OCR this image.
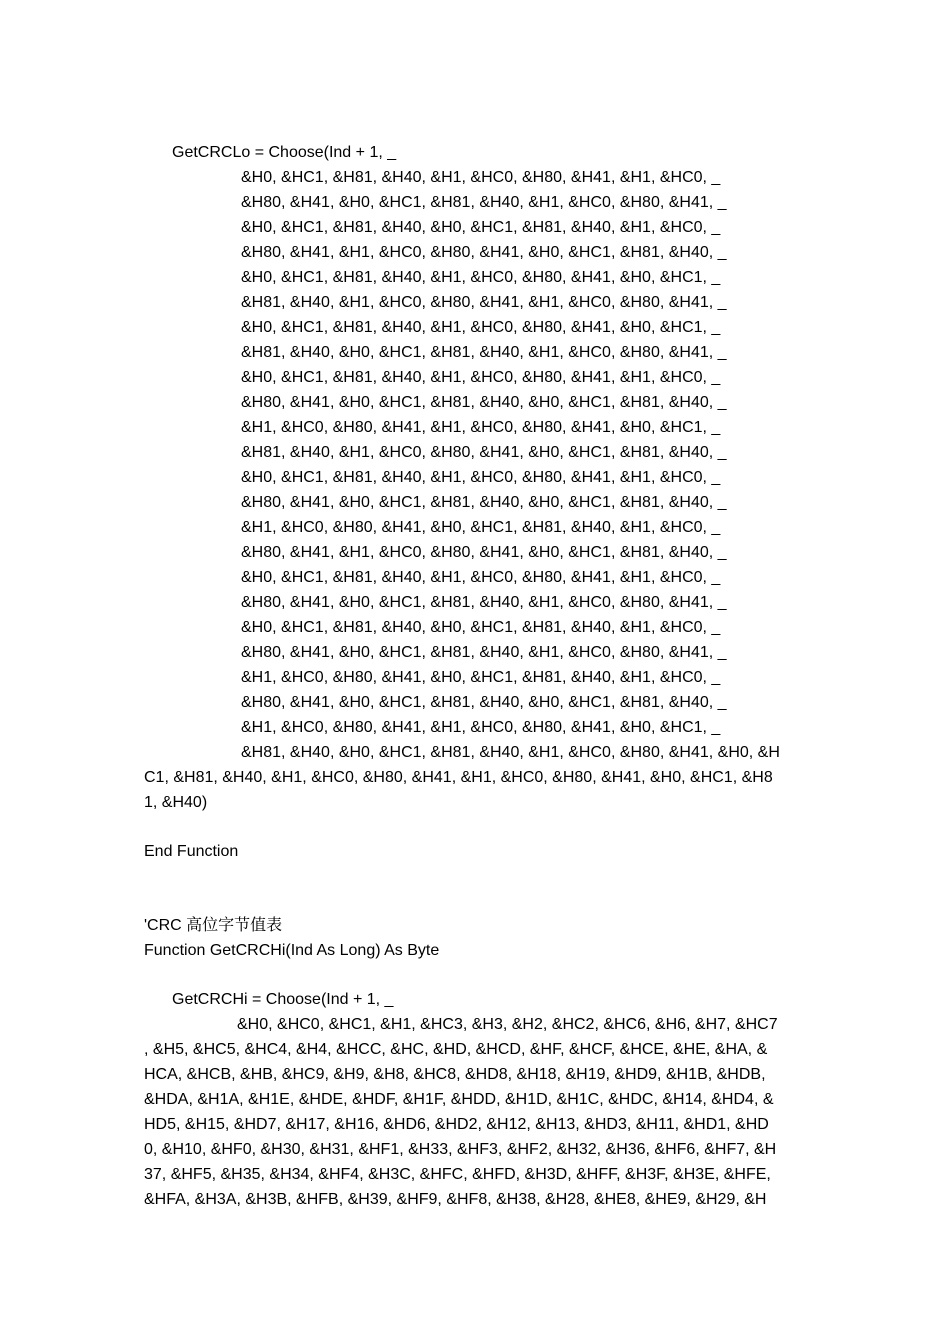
GetCRCLo = Choose(Ind + 1, _
&H0, &HC1, &H81, &H40, &H1, &HC0, &H80, &H41, &H1, &HC0, _
&H80, &H41, &H0, &HC1, &H81, &H40, &H1, &HC0, &H80, &H41, _
&H0, &HC1, &H81, &H40, &H0, &HC1, &H81, &H40, &H1, &HC0, _
&H80, &H41, &H1, &HC0, &H80, &H41, &H0, &HC1, &H81, &H40, _
&H0, &HC1, &H81, &H40, &H1, &HC0, &H80, &H41, &H0, &HC1, _
&H81, &H40, &H1, &HC0, &H80, &H41, &H1, &HC0, &H80, &H41, _
&H0, &HC1, &H81, &H40, &H1, &HC0, &H80, &H41, &H0, &HC1, _
&H81, &H40, &H0, &HC1, &H81, &H40, &H1, &HC0, &H80, &H41, _
&H0, &HC1, &H81, &H40, &H1, &HC0, &H80, &H41, &H1, &HC0, _
&H80, &H41, &H0, &HC1, &H81, &H40, &H0, &HC1, &H81, &H40, _
&H1, &HC0, &H80, &H41, &H1, &HC0, &H80, &H41, &H0, &HC1, _
&H81, &H40, &H1, &HC0, &H80, &H41, &H0, &HC1, &H81, &H40, _
&H0, &HC1, &H81, &H40, &H1, &HC0, &H80, &H41, &H1, &HC0, _
&H80, &H41, &H0, &HC1, &H81, &H40, &H0, &HC1, &H81, &H40, _
&H1, &HC0, &H80, &H41, &H0, &HC1, &H81, &H40, &H1, &HC0, _
&H80, &H41, &H1, &HC0, &H80, &H41, &H0, &HC1, &H81, &H40, _
&H0, &HC1, &H81, &H40, &H1, &HC0, &H80, &H41, &H1, &HC0, _
&H80, &H41, &H0, &HC1, &H81, &H40, &H1, &HC0, &H80, &H41, _
&H0, &HC1, &H81, &H40, &H0, &HC1, &H81, &H40, &H1, &HC0, _
&H80, &H41, &H0, &HC1, &H81, &H40, &H1, &HC0, &H80, &H41, _
&H1, &HC0, &H80, &H41, &H0, &HC1, &H81, &H40, &H1, &HC0, _
&H80, &H41, &H0, &HC1, &H81, &H40, &H0, &HC1, &H81, &H40, _
&H1, &HC0, &H80, &H41, &H1, &HC0, &H80, &H41, &H0, &HC1, _
&H81, &H40, &H0, &HC1, &H81, &H40, &H1, &HC0, &H80, &H41, &H0, &H
C1, &H81, &H40, &H1, &HC0, &H80, &H41, &H1, &HC0, &H80, &H41, &H0, &HC1, &H8
1, &H40)
End Function
'CRC 高位字节值表
Function GetCRCHi(Ind As Long) As Byte
GetCRCHi = Choose(Ind + 1, _
&H0, &HC0, &HC1, &H1, &HC3, &H3, &H2, &HC2, &HC6, &H6, &H7, &HC7
, &H5, &HC5, &HC4, &H4, &HCC, &HC, &HD, &HCD, &HF, &HCF, &HCE, &HE, &HA, &
HCA, &HCB, &HB, &HC9, &H9, &H8, &HC8, &HD8, &H18, &H19, &HD9, &H1B, &HDB,
&HDA, &H1A, &H1E, &HDE, &HDF, &H1F, &HDD, &H1D, &H1C, &HDC, &H14, &HD4, &
HD5, &H15, &HD7, &H17, &H16, &HD6, &HD2, &H12, &H13, &HD3, &H11, &HD1, &HD
0, &H10, &HF0, &H30, &H31, &HF1, &H33, &HF3, &HF2, &H32, &H36, &HF6, &HF7, &H
37, &HF5, &H35, &H34, &HF4, &H3C, &HFC, &HFD, &H3D, &HFF, &H3F, &H3E, &HFE,
&HFA, &H3A, &H3B, &HFB, &H39, &HF9, &HF8, &H38, &H28, &HE8, &HE9, &H29, &H
